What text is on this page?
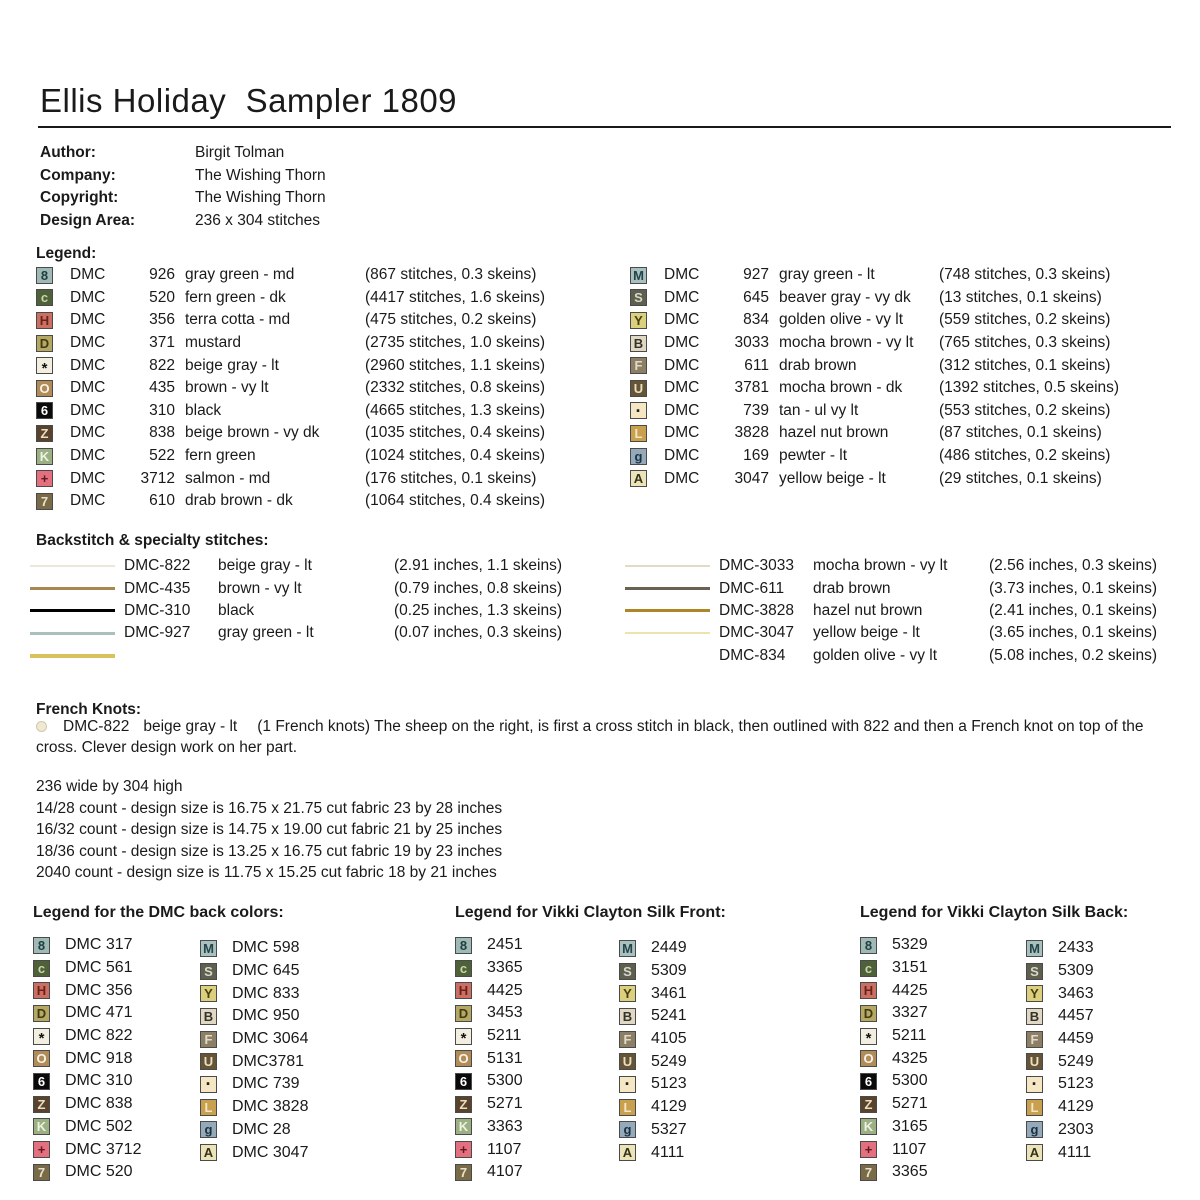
Ellis Holiday  Sampler 1809
Author:	Birgit Tolman
Company:	The Wishing Thorn
Copyright:	The Wishing Thorn
Design Area:	236 x 304 stitches
Legend:
8	DMC	926 gray green - md	(867 stitches, 0.3 skeins)
c	DMC	520 fern green - dk	(4417 stitches, 1.6 skeins)
H DMC	356 terra cotta - md	(475 stitches, 0.2 skeins)
D DMC	371 mustard	(2735 stitches, 1.0 skeins)
*	DMC	822 beige gray - lt	(2960 stitches, 1.1 skeins)
O DMC	435 brown - vy lt	(2332 stitches, 0.8 skeins)
6	DMC	310 black	(4665 stitches, 1.3 skeins)
Z DMC	838 beige brown - vy dk	(1035 stitches, 0.4 skeins)
K DMC	522 fern green	(1024 stitches, 0.4 skeins)
+	DMC	3712 salmon - md	(176 stitches, 0.1 skeins)
7	DMC	610 drab brown - dk	(1064 stitches, 0.4 skeins)
M DMC	927 gray green - lt	(748 stitches, 0.3 skeins)
S DMC	645 beaver gray - vy dk	(13 stitches, 0.1 skeins)
Y DMC	834 golden olive - vy lt	(559 stitches, 0.2 skeins)
B DMC	3033 mocha brown - vy lt	(765 stitches, 0.3 skeins)
F DMC	611 drab brown	(312 stitches, 0.1 skeins)
U DMC	3781 mocha brown - dk	(1392 stitches, 0.5 skeins)
·	DMC	739 tan - ul vy lt	(553 stitches, 0.2 skeins)
L DMC	3828 hazel nut brown	(87 stitches, 0.1 skeins)
g DMC	169 pewter - lt	(486 stitches, 0.2 skeins)
A DMC	3047 yellow beige - lt	(29 stitches, 0.1 skeins)
Backstitch & specialty stitches:
DMC-822	beige gray - lt	(2.91 inches, 1.1 skeins)
DMC-435	brown - vy lt	(0.79 inches, 0.8 skeins)
DMC-310	black	(0.25 inches, 1.3 skeins)
DMC-927	gray green - lt	(0.07 inches, 0.3 skeins)
DMC-3033	mocha brown - vy lt	(2.56 inches, 0.3 skeins)
DMC-611	drab brown	(3.73 inches, 0.1 skeins)
DMC-3828	hazel nut brown	(2.41 inches, 0.1 skeins)
DMC-3047	yellow beige - lt	(3.65 inches, 0.1 skeins)
DMC-834	golden olive - vy lt	(5.08 inches, 0.2 skeins)
French Knots:

DMC-822 beige gray - lt (1 French knots) The sheep on the right, is first a cross stitch in black, then outlined with 822 and then a French knot on top of the cross. Clever design work on her part.

236 wide by 304 high
14/28 count - design size is 16.75 x 21.75 cut fabric 23 by 28 inches
16/32 count - design size is 14.75 x 19.00 cut fabric 21 by 25 inches
18/36 count - design size is 13.25 x 16.75 cut fabric 19 by 23 inches
2040 count - design size is 11.75 x 15.25 cut fabric 18 by 21 inches
Legend for the DMC back colors:
8	DMC 317
c	DMC 561
H DMC 356
D DMC 471
*	DMC 822
O DMC 918
6	DMC 310
Z DMC 838
K DMC 502
+ DMC 3712
7	DMC 520
M DMC 598
S DMC 645
Y DMC 833
B DMC 950
F DMC 3064
U DMC3781
·	DMC 739
L DMC 3828
g DMC 28
A DMC 3047
Legend for Vikki Clayton Silk Front:
8	2451
c	3365
H 4425
D 3453
*	5211
O 5131
6	5300
Z 5271
K 3363
+ 1107
7	4107
M 2449
S 5309
Y 3461
B 5241
F 4105
U 5249
·	5123
L 4129
g 5327
A 4111
Legend for Vikki Clayton Silk Back:
8	5329
c	3151
H 4425
D 3327
*	5211
O 4325
6	5300
Z 5271
K 3165
+ 1107
7	3365
M 2433
S 5309
Y 3463
B 4457
F 4459
U 5249
·	5123
L 4129
g 2303
A 4111
